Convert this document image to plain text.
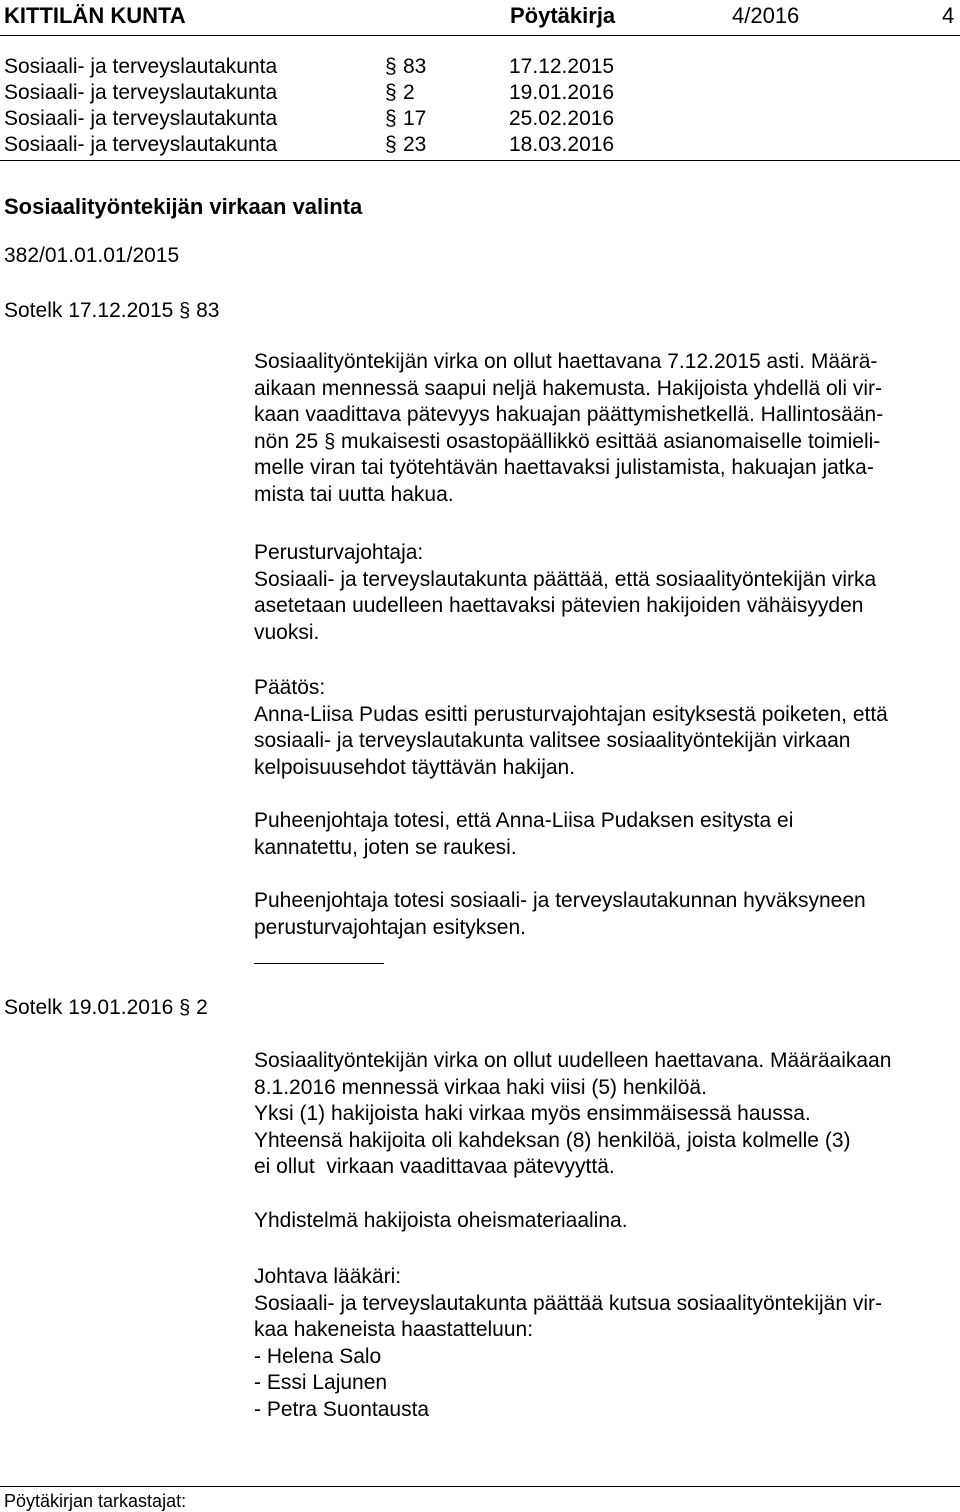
KITTILÄN KUNTA	Pöytäkirja	4/2016	4
Sosiaali- ja terveyslautakunta	§ 83	17.12.2015
Sosiaali- ja terveyslautakunta	§ 2	19.01.2016
Sosiaali- ja terveyslautakunta	§ 17	25.02.2016
Sosiaali- ja terveyslautakunta	§ 23	18.03.2016
Sosiaalityöntekijän virkaan valinta
382/01.01.01/2015
Sotelk 17.12.2015 § 83
Sosiaalityöntekijän virka on ollut haettavana 7.12.2015 asti. Määrä-
aikaan mennessä saapui neljä hakemusta. Hakijoista yhdellä oli vir-
kaan vaadittava pätevyys hakuajan päättymishetkellä. Hallintosään-
nön 25 § mukaisesti osastopäällikkö esittää asianomaiselle toimieli-
melle viran tai työtehtävän haettavaksi julistamista, hakuajan jatka-
mista tai uutta hakua.
Perusturvajohtaja:
Sosiaali- ja terveyslautakunta päättää, että sosiaalityöntekijän virka
asetetaan uudelleen haettavaksi pätevien hakijoiden vähäisyyden
vuoksi.
Päätös:
Anna-Liisa Pudas esitti perusturvajohtajan esityksestä poiketen, että
sosiaali- ja terveyslautakunta valitsee sosiaalityöntekijän virkaan
kelpoisuusehdot täyttävän hakijan.
Puheenjohtaja totesi, että Anna-Liisa Pudaksen esitysta ei
kannatettu, joten se raukesi.
Puheenjohtaja totesi sosiaali- ja terveyslautakunnan hyväksyneen
perusturvajohtajan esityksen.
Sotelk 19.01.2016 § 2
Sosiaalityöntekijän virka on ollut uudelleen haettavana. Määräaikaan
8.1.2016 mennessä virkaa haki viisi (5) henkilöä.
Yksi (1) hakijoista haki virkaa myös ensimmäisessä haussa.
Yhteensä hakijoita oli kahdeksan (8) henkilöä, joista kolmelle (3)
ei ollut  virkaan vaadittavaa pätevyyttä.
Yhdistelmä hakijoista oheismateriaalina.
Johtava lääkäri:
Sosiaali- ja terveyslautakunta päättää kutsua sosiaalityöntekijän vir-
kaa hakeneista haastatteluun:
- Helena Salo
- Essi Lajunen
- Petra Suontausta
Pöytäkirjan tarkastajat:
